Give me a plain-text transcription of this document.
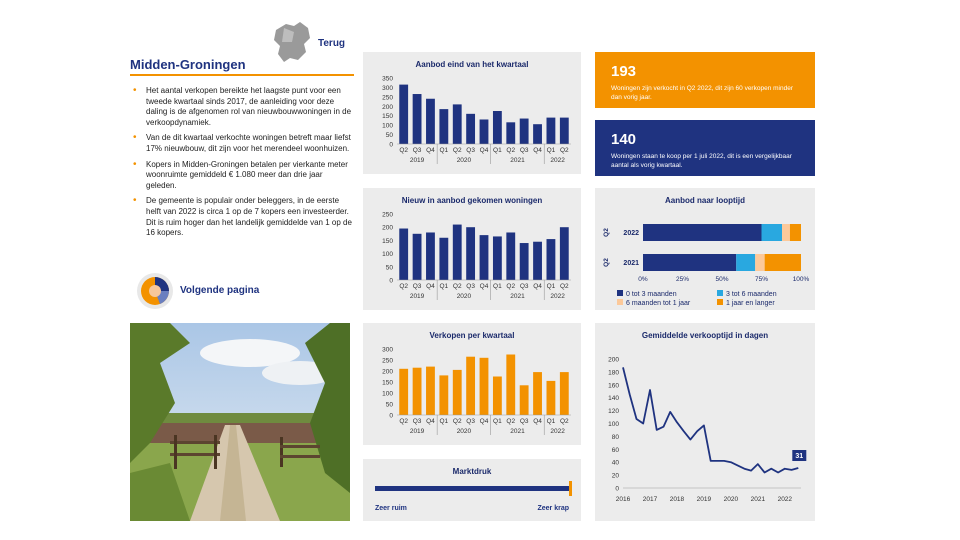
Terug
Midden-Groningen
• Het aantal verkopen bereikte het laagste punt voor een tweede kwartaal sinds 2017, de aanleiding voor deze daling is de afgenomen rol van nieuwbouwwoningen in de verkoopdynamiek.
• Van de dit kwartaal verkochte woningen betreft maar liefst 17% nieuwbouw, dit zijn voor het merendeel woonhuizen.
• Kopers in Midden-Groningen betalen per vierkante meter woonruimte gemiddeld € 1.080 meer dan drie jaar geleden.
• De gemeente is populair onder beleggers, in de eerste helft van 2022 is circa 1 op de 7 kopers een investeerder. Dit is ruim hoger dan het landelijk gemiddelde van 1 op de 16 kopers.
Volgende pagina
Aanbod eind van het kwartaal
0
50
100
150
200
250
300
350
Q2 Q3 Q4 Q1 Q2 Q3 Q4 Q1 Q2 Q3 Q4 Q1 Q2
2019	2020	2021	2022
Nieuw in aanbod gekomen woningen
0
50
100
150
200
250
Q2 Q3 Q4 Q1 Q2 Q3 Q4 Q1 Q2 Q3 Q4 Q1 Q2
2019	2020	2021	2022
Verkopen per kwartaal
0
50
100
150
200
250
300
Q2 Q3 Q4 Q1 Q2 Q3 Q4 Q1 Q2 Q3 Q4 Q1 Q2
2019	2020	2021	2022
Marktdruk
Zeer ruim	Zeer krap
193
Woningen zijn verkocht in Q2 2022, dit zijn 60 verkopen minder dan vorig jaar.
140
Woningen staan te koop per 1 juli 2022, dit is een vergelijkbaar aantal als vorig kwartaal.
Aanbod naar looptijd
Q2 2022
Q2 2021
0%	25%	50%	75%	100%
0 tot 3 maanden	3 tot 6 maanden
6 maanden tot 1 jaar	1 jaar en langer
Gemiddelde verkooptijd in dagen
0
20
40
60
80
100
120
140
160
180
200
2016 2017 2018 2019 2020 2021 2022
31
